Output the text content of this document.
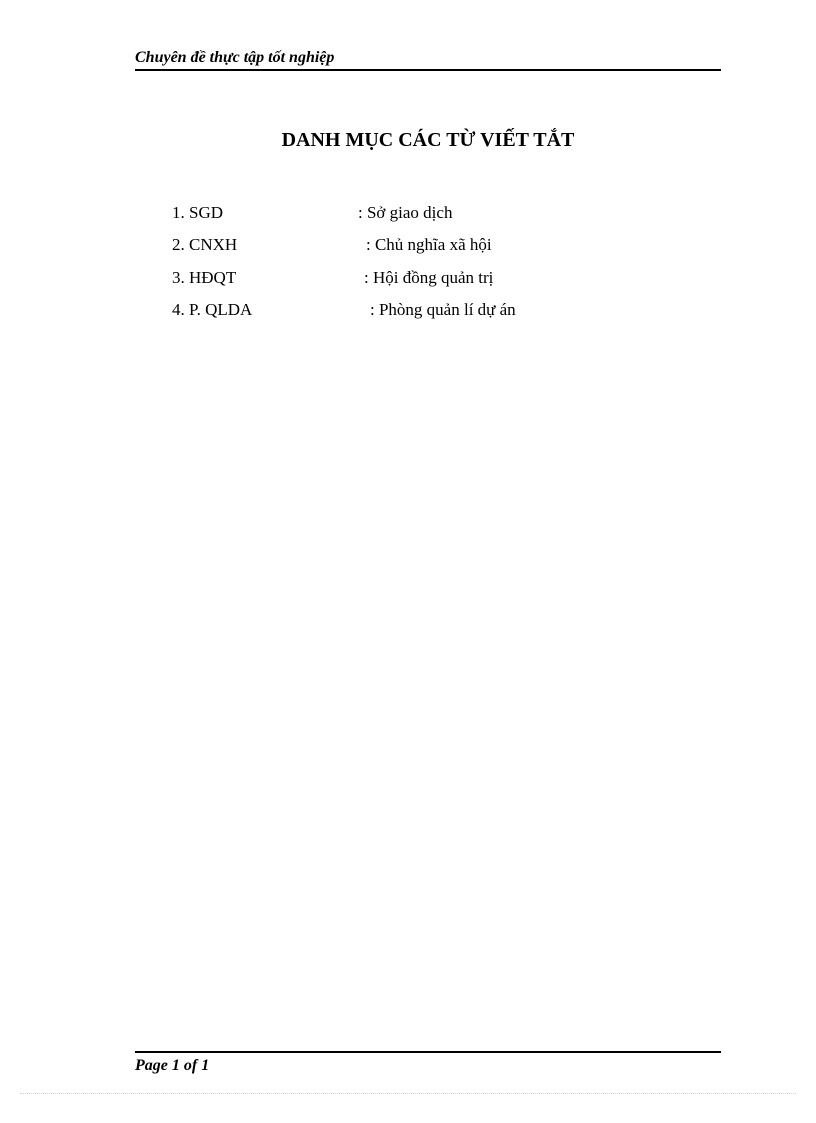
Chuyên đề thực tập tốt nghiệp
DANH MỤC CÁC TỪ VIẾT TẮT
1. SGD	: Sở giao dịch
2. CNXH	: Chủ nghĩa xã hội
3. HĐQT	: Hội đồng quản trị
4. P. QLDA	: Phòng quản lí dự án
Page 1 of 1
